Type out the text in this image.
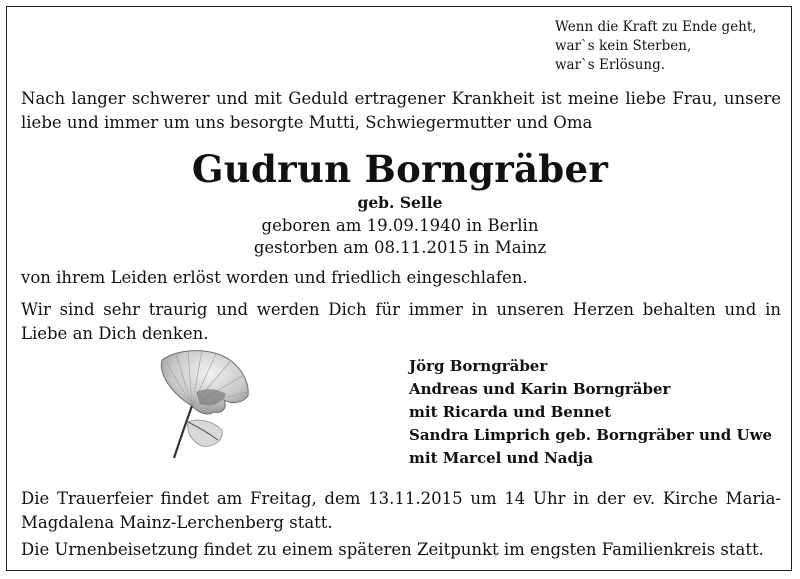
Wenn die Kraft zu Ende geht,
war`s kein Sterben,
war`s Erlösung.
Nach langer schwerer und mit Geduld ertragener Krankheit ist meine liebe Frau, unsere liebe und immer um uns besorgte Mutti, Schwiegermutter und Oma
Gudrun Borngräber
geb. Selle
geboren am 19.09.1940 in Berlin
gestorben am 08.11.2015 in Mainz
von ihrem Leiden erlöst worden und friedlich eingeschlafen.
Wir sind sehr traurig und werden Dich für immer in unseren Herzen behalten und in Liebe an Dich denken.
Jörg Borngräber
Andreas und Karin Borngräber
mit Ricarda und Bennet
Sandra Limprich geb. Borngräber und Uwe
mit Marcel und Nadja
Die Trauerfeier findet am Freitag, dem 13.11.2015 um 14 Uhr in der ev. Kirche Maria-Magdalena Mainz-Lerchenberg statt.
Die Urnenbeisetzung findet zu einem späteren Zeitpunkt im engsten Familienkreis statt.
